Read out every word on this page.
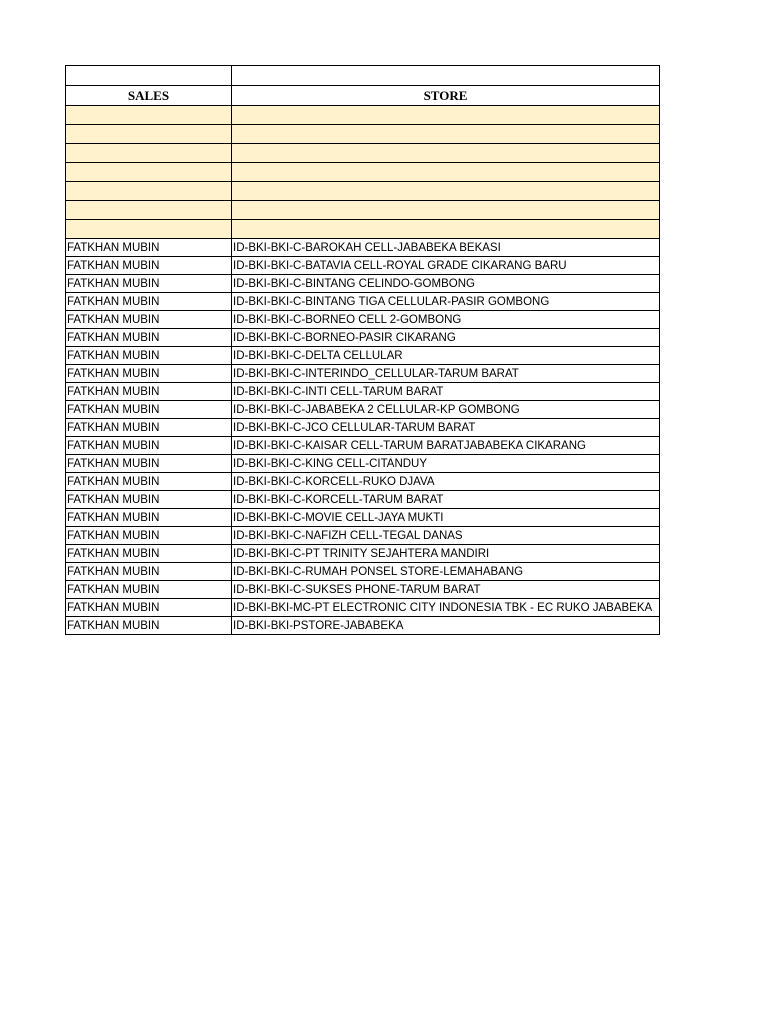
SALES	STORE

FATKHAN MUBIN	ID-BKI-BKI-C-BAROKAH CELL-JABABEKA BEKASI
FATKHAN MUBIN	ID-BKI-BKI-C-BATAVIA CELL-ROYAL GRADE CIKARANG BARU
FATKHAN MUBIN	ID-BKI-BKI-C-BINTANG CELINDO-GOMBONG
FATKHAN MUBIN	ID-BKI-BKI-C-BINTANG TIGA CELLULAR-PASIR GOMBONG
FATKHAN MUBIN	ID-BKI-BKI-C-BORNEO CELL 2-GOMBONG
FATKHAN MUBIN	ID-BKI-BKI-C-BORNEO-PASIR CIKARANG
FATKHAN MUBIN	ID-BKI-BKI-C-DELTA CELLULAR
FATKHAN MUBIN	ID-BKI-BKI-C-INTERINDO_CELLULAR-TARUM BARAT
FATKHAN MUBIN	ID-BKI-BKI-C-INTI CELL-TARUM BARAT
FATKHAN MUBIN	ID-BKI-BKI-C-JABABEKA 2 CELLULAR-KP GOMBONG
FATKHAN MUBIN	ID-BKI-BKI-C-JCO CELLULAR-TARUM BARAT
FATKHAN MUBIN	ID-BKI-BKI-C-KAISAR CELL-TARUM BARATJABABEKA CIKARANG
FATKHAN MUBIN	ID-BKI-BKI-C-KING CELL-CITANDUY
FATKHAN MUBIN	ID-BKI-BKI-C-KORCELL-RUKO DJAVA
FATKHAN MUBIN	ID-BKI-BKI-C-KORCELL-TARUM BARAT
FATKHAN MUBIN	ID-BKI-BKI-C-MOVIE CELL-JAYA MUKTI
FATKHAN MUBIN	ID-BKI-BKI-C-NAFIZH CELL-TEGAL DANAS
FATKHAN MUBIN	ID-BKI-BKI-C-PT TRINITY SEJAHTERA MANDIRI
FATKHAN MUBIN	ID-BKI-BKI-C-RUMAH PONSEL STORE-LEMAHABANG
FATKHAN MUBIN	ID-BKI-BKI-C-SUKSES PHONE-TARUM BARAT
FATKHAN MUBIN	ID-BKI-BKI-MC-PT ELECTRONIC CITY INDONESIA TBK - EC RUKO JABABEKA
FATKHAN MUBIN	ID-BKI-BKI-PSTORE-JABABEKA
